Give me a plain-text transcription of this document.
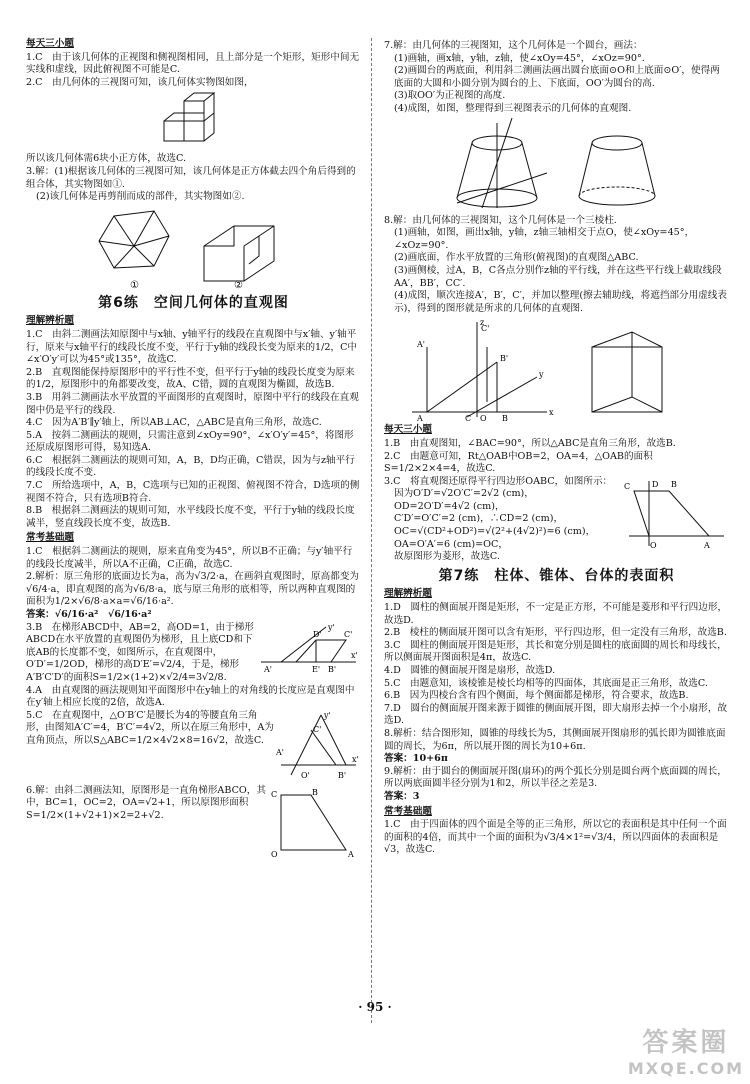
每天三小题

1.C　由于该几何体的正视图和侧视图相同，且上部分是一个矩形，矩形中间无实线和虚线，因此俯视图不可能是C.

2.C　由几何体的三视图可知，该几何体实物图如图，

所以该几何体需6块小正方体，故选C.

3.解：(1)根据该几何体的三视图可知，该几何体是正方体截去四个角后得到的组合体，其实物图如①.

(2)该几何体是再剪削而成的部件，其实物图如②.

①	②
第6练　空间几何体的直观图
理解辨析题

1.C　由斜二测画法知原图中与x轴、y轴平行的线段在直观图中与x′轴、y′轴平行，原来与x轴平行的线段长度不变，平行于y轴的线段长变为原来的1/2，C中∠x′O′y′可以为45°或135°，故选C.

2.B　直观图能保持原图形中的平行性不变，但平行于y轴的线段长度变为原来的1/2，原图形中的角都要改变，故A、C错，圆的直观图为椭圆，故选B.

3.B　用斜二测画法水平放置的平面图形的直观图时，原图中平行的线段在直观图中仍是平行的线段.

4.C　因为A′B′∥y′轴上，所以AB⊥AC，△ABC是直角三角形，故选C.

5.A　按斜二测画法的规则，只需注意到∠xOy=90°，∠x′O′y′=45°，将图形还原成原图形可得，易知选A.

6.C　根据斜二测画法的规则可知，A，B，D均正确，C错误，因为与z轴平行的线段长度不变.

7.C　所给选项中，A，B，C选项与已知的正视图、俯视图不符合，D选项的侧视图不符合，只有选项B符合.

8.B　根据斜二测画法的规则可知，水平线段长度不变，平行于y轴的线段长度减半，竖直线段长度不变，故选B.

常考基础题

1.C　根据斜二测画法的规则，原来直角变为45°，所以B不正确；与y′轴平行的线段长度减半，所以A不正确，C正确，故选C.

2.解析：原三角形的底面边长为a，高为√3/2·a，在画斜直观图时，原高都变为√6/4·a，即直观图的高为√6/8·a，底与原三角形的底相等，所以两种直观图的面积为1/2×√6/8·a×a=√6/16·a².

答案：√6/16·a²　√6/16·a²

3.B　在梯形ABCD中，AB=2，高OD=1，由于梯形ABCD在水平放置的直观图仍为梯形，且上底CD和下底AB的长度都不变，如图所示，在直观图中，O′D′=1/2OD，梯形的高D′E′=√2/4，于是，梯形A′B′C′D′的面积S=1/2×(1+2)×√2/4=3√2/8.

A'
D'	C'
E' B'
x'
y'

4.A　由直观图的画法规则知平面图形中在y轴上的对角线的长度应是直观图中在y′轴上相应长度的2倍，故选A.

5.C　在直观图中，△O′B′C′是腰长为4的等腰直角三角形，由图知A′C′=4，B′C′=4√2，所以在原三角形中，A为直角顶点，所以S△ABC=1/2×4√2×8=16√2，故选C.

A'
C'
O'	B'
x'
y'

6.解：由斜二测画法知，原图形是一直角梯形ABCO，其中，BC=1，OC=2，OA=√2+1，所以原图形面积S=1/2×(1+√2+1)×2=2+√2.

C	B
O	A

7.解：由几何体的三视图知，这个几何体是一个圆台，画法：

(1)画轴，画x轴，y轴，z轴，使∠xOy=45°，∠xOz=90°.

(2)画圆台的两底面，利用斜二测画法画出圆台底面⊙O和上底面⊙O′，使得两底面的大圆和小圆分别为圆台的上、下底面，OO′为圆台的高.

(3)取OO′为正视图的高度.

(4)成图，如图，整理得到三视图表示的几何体的直观图.

8.解：由几何体的三视图知，这个几何体是一个三棱柱.

(1)画轴，如图，画出x轴，y轴，z轴三轴相交于点O，使∠xOy=45°，∠xOz=90°.

(2)画底面，作水平放置的三角形(俯视图)的直观图△ABC.

(3)画侧棱，过A，B，C各点分别作z轴的平行线，并在这些平行线上截取线段AA′，BB′，CC′.

(4)成图，顺次连接A′，B′，C′，并加以整理(擦去辅助线，将遮挡部分用虚线表示)，得到的图形就是所求的几何体的直观图.

A'
C'
B'
A	C	B
O
x
y
z
每天三小题

1.B　由直观图知，∠BAC=90°，所以△ABC是直角三角形，故选B.

2.C　由题意可知，Rt△OAB中OB=2，OA=4，△OAB的面积S=1/2×2×4=4，故选C.

3.C　将直观图还原得平行四边形OABC，如图所示：

因为O′D′=√2O′C′=2√2 (cm)，

OD=2O′D′=4√2 (cm)，

C′D′=O′C′=2 (cm)，∴CD=2 (cm)，

OC=√(CD²+OD²)=√(2²+(4√2)²)=6 (cm)，

OA=O′A′=6 (cm)=OC，

故原图形为菱形，故选C.

C	D
O	A
B
第7练　柱体、锥体、台体的表面积
理解辨析题

1.D　圆柱的侧面展开图是矩形，不一定是正方形，不可能是菱形和平行四边形，故选D.

2.B　棱柱的侧面展开图可以含有矩形，平行四边形，但一定没有三角形，故选B.

3.C　圆柱的侧面展开图是矩形，其长和宽分别是圆柱的底面圆的周长和母线长，所以侧面展开图面积是4π，故选C.

4.D　圆锥的侧面展开图是扇形，故选D.

5.C　由题意知，该棱锥是棱长均相等的四面体，其底面是正三角形，故选C.

6.B　因为四棱台含有四个侧面，每个侧面都是梯形，符合要求，故选B.

7.D　圆台的侧面展开图来源于圆锥的侧面展开图，即大扇形去掉一个小扇形，故选D.

8.解析：结合图形知，圆锥的母线长为5，其侧面展开图扇形的弧长即为圆锥底面圆的周长，为6π，所以展开图的周长为10+6π.

答案：10+6π

9.解析：由于圆台的侧面展开图(扇环)的两个弧长分别是圆台两个底面圆的周长，所以两底面圆半径分别为1和2，所以半径之差是3.

答案：3

常考基础题

1.C　由于四面体的四个面是全等的正三角形，所以它的表面积是其中任何一个面的面积的4倍，而其中一个面的面积为√3/4×1²=√3/4，所以四面体的表面积是√3，故选C.

· 95 ·
答案圈
MXQE.COM
